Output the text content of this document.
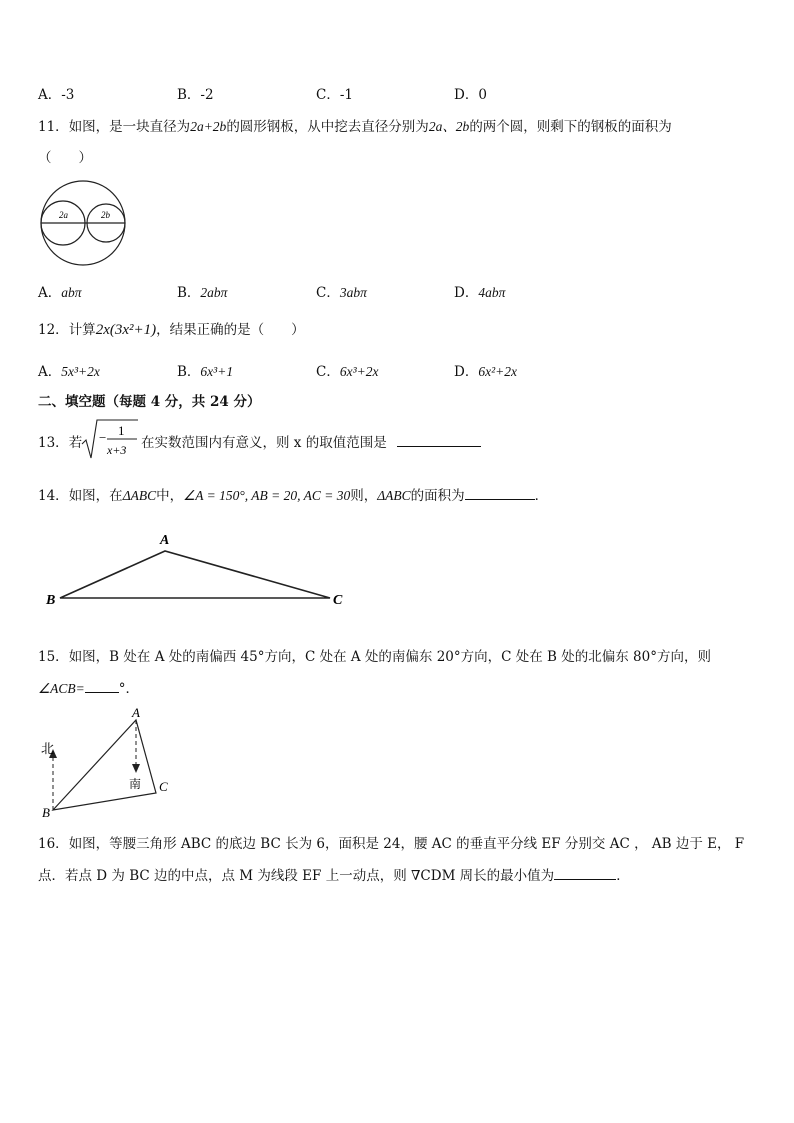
A．-3	B．-2	C．-1	D．0
11．如图，是一块直径为2a+2b的圆形钢板，从中挖去直径分别为2a、2b的两个圆，则剩下的钢板的面积为
（　　）
2a	2b
A．abπ	B．2abπ	C．3abπ	D．4abπ
12．计算2x(3x²+1)，结果正确的是（　　）
A．5x³+2x	B．6x³+1	C．6x³+2x	D．6x²+2x
二、填空题（每题 4 分，共 24 分）
13．若 − 1
x+3 在实数范围内有意义，则 x 的取值范围是
14．如图，在ΔABC中，∠A = 150°, AB = 20, AC = 30则，ΔABC的面积为	．
A
B	C
15．如图，B 处在 A 处的南偏西 45°方向，C 处在 A 处的南偏东 20°方向，C 处在 B 处的北偏东 80°方向，则
∠ACB=	°．
北
南
A
B
C
16．如图，等腰三角形 ABC 的底边 BC 长为 6，面积是 24，腰 AC 的垂直平分线 EF 分别交 AC ， AB 边于 E， F
点．若点 D 为 BC 边的中点，点 M 为线段 EF 上一动点，则 ∇CDM 周长的最小值为	．
